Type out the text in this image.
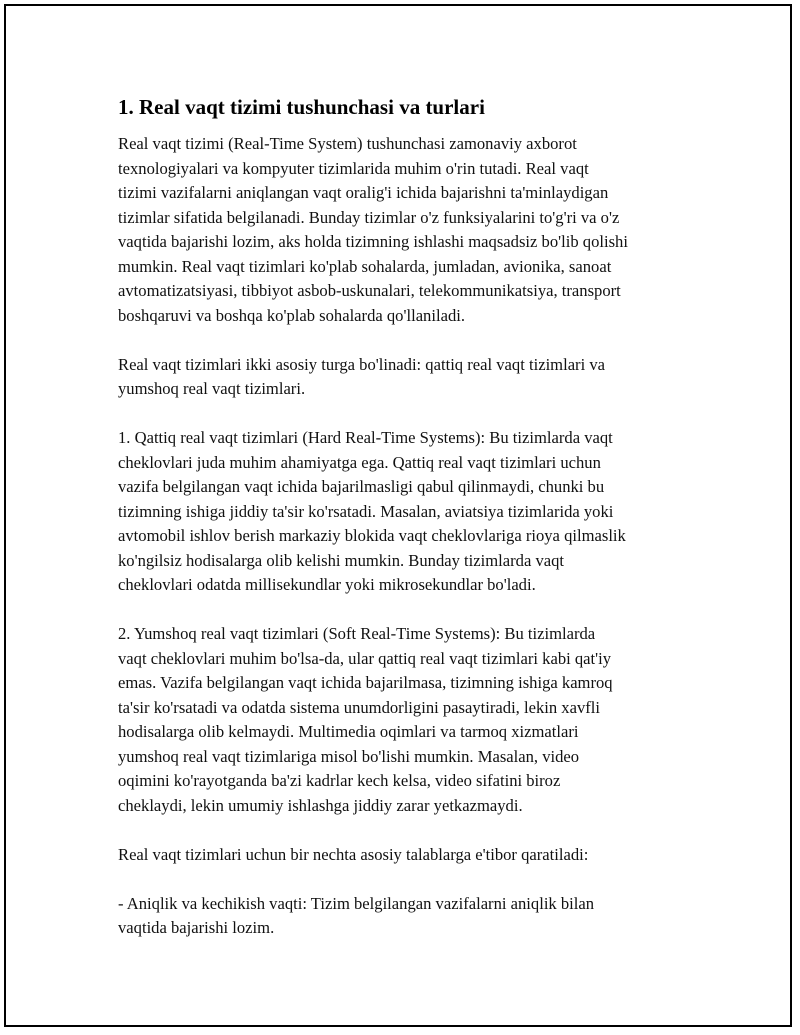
1. Real vaqt tizimi tushunchasi va turlari

Real vaqt tizimi (Real-Time System) tushunchasi zamonaviy axborot
texnologiyalari va kompyuter tizimlarida muhim o'rin tutadi. Real vaqt
tizimi vazifalarni aniqlangan vaqt oralig'i ichida bajarishni ta'minlaydigan
tizimlar sifatida belgilanadi. Bunday tizimlar o'z funksiyalarini to'g'ri va o'z
vaqtida bajarishi lozim, aks holda tizimning ishlashi maqsadsiz bo'lib qolishi
mumkin. Real vaqt tizimlari ko'plab sohalarda, jumladan, avionika, sanoat
avtomatizatsiyasi, tibbiyot asbob-uskunalari, telekommunikatsiya, transport
boshqaruvi va boshqa ko'plab sohalarda qo'llaniladi.

Real vaqt tizimlari ikki asosiy turga bo'linadi: qattiq real vaqt tizimlari va
yumshoq real vaqt tizimlari.

1. Qattiq real vaqt tizimlari (Hard Real-Time Systems): Bu tizimlarda vaqt
cheklovlari juda muhim ahamiyatga ega. Qattiq real vaqt tizimlari uchun
vazifa belgilangan vaqt ichida bajarilmasligi qabul qilinmaydi, chunki bu
tizimning ishiga jiddiy ta'sir ko'rsatadi. Masalan, aviatsiya tizimlarida yoki
avtomobil ishlov berish markaziy blokida vaqt cheklovlariga rioya qilmaslik
ko'ngilsiz hodisalarga olib kelishi mumkin. Bunday tizimlarda vaqt
cheklovlari odatda millisekundlar yoki mikrosekundlar bo'ladi.

2. Yumshoq real vaqt tizimlari (Soft Real-Time Systems): Bu tizimlarda
vaqt cheklovlari muhim bo'lsa-da, ular qattiq real vaqt tizimlari kabi qat'iy
emas. Vazifa belgilangan vaqt ichida bajarilmasa, tizimning ishiga kamroq
ta'sir ko'rsatadi va odatda sistema unumdorligini pasaytiradi, lekin xavfli
hodisalarga olib kelmaydi. Multimedia oqimlari va tarmoq xizmatlari
yumshoq real vaqt tizimlariga misol bo'lishi mumkin. Masalan, video
oqimini ko'rayotganda ba'zi kadrlar kech kelsa, video sifatini biroz
cheklaydi, lekin umumiy ishlashga jiddiy zarar yetkazmaydi.

Real vaqt tizimlari uchun bir nechta asosiy talablarga e'tibor qaratiladi:

- Aniqlik va kechikish vaqti: Tizim belgilangan vazifalarni aniqlik bilan
vaqtida bajarishi lozim.
